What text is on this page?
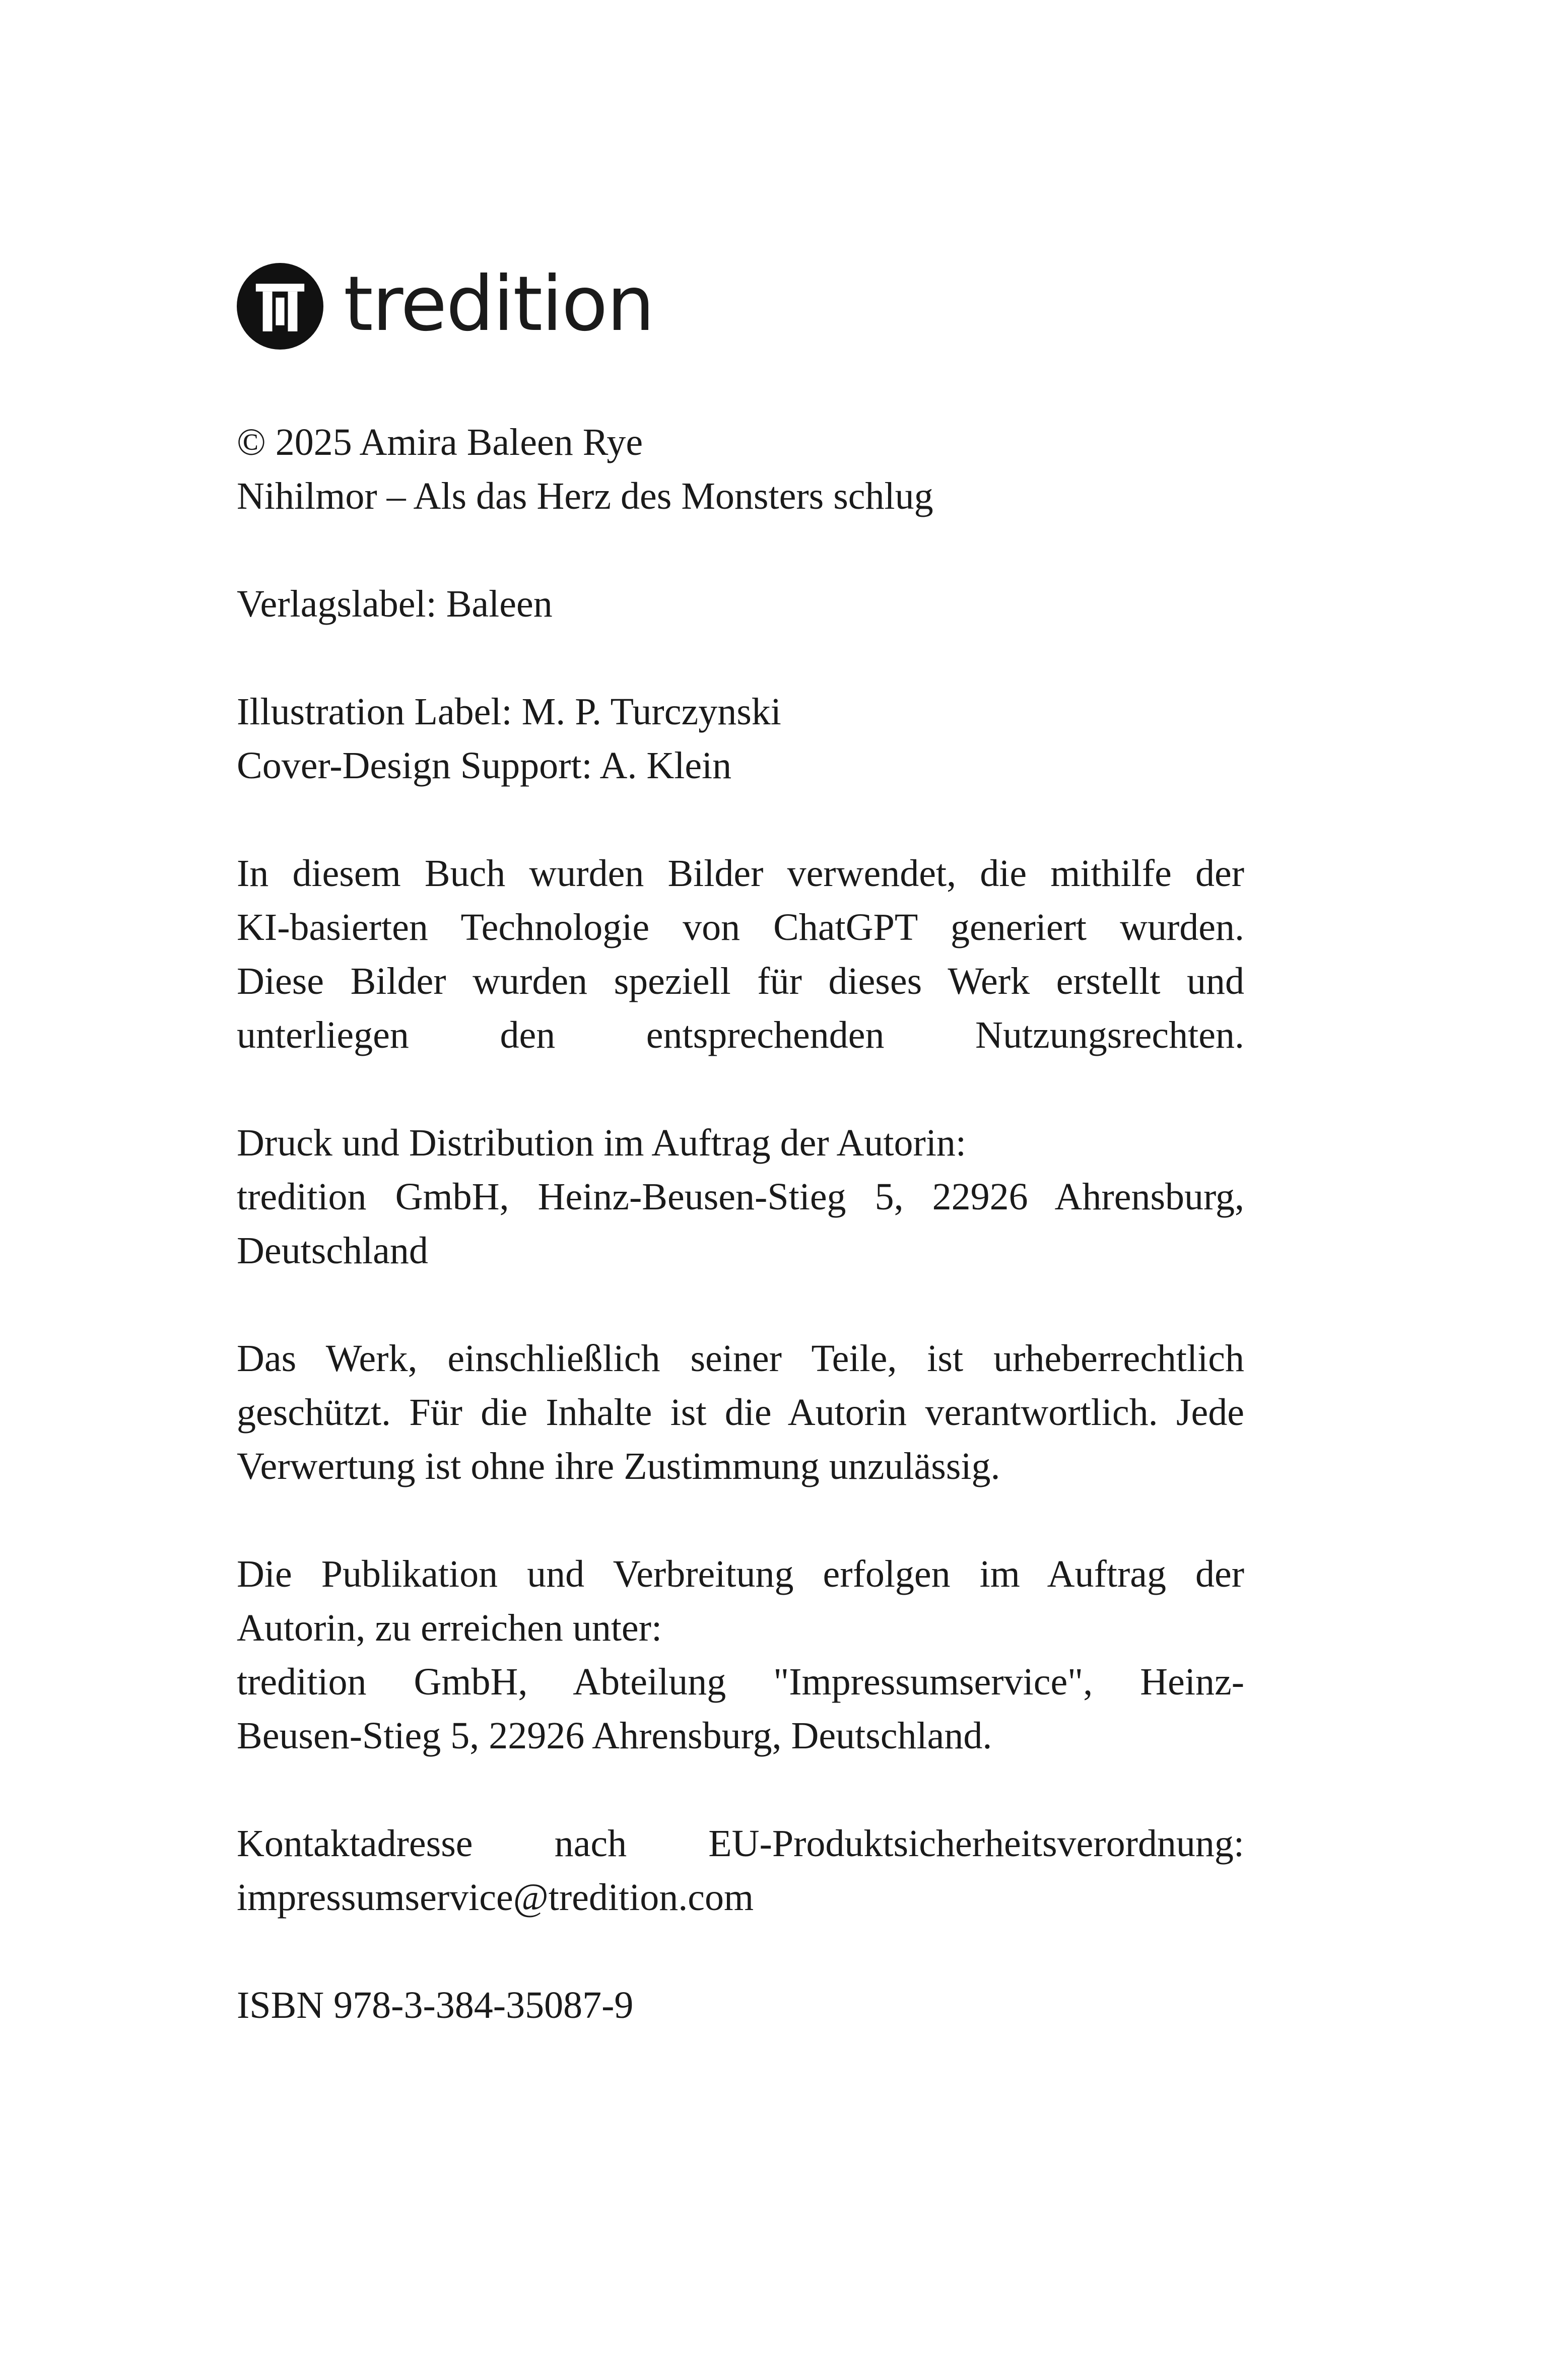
tredition
© 2025 Amira Baleen Rye
Nihilmor – Als das Herz des Monsters schlug
Verlagslabel: Baleen
Illustration Label: M. P. Turczynski
Cover-Design Support: A. Klein
In diesem Buch wurden Bilder verwendet, die mithilfe der
KI-basierten Technologie von ChatGPT generiert wurden.
Diese Bilder wurden speziell für dieses Werk erstellt und
unterliegen den entsprechenden Nutzungsrechten.
Druck und Distribution im Auftrag der Autorin:
tredition GmbH, Heinz-Beusen-Stieg 5, 22926 Ahrensburg,
Deutschland
Das Werk, einschließlich seiner Teile, ist urheberrechtlich
geschützt. Für die Inhalte ist die Autorin verantwortlich. Jede
Verwertung ist ohne ihre Zustimmung unzulässig.
Die Publikation und Verbreitung erfolgen im Auftrag der
Autorin, zu erreichen unter:
tredition GmbH, Abteilung "Impressumservice", Heinz-
Beusen-Stieg 5, 22926 Ahrensburg, Deutschland.
Kontaktadresse nach EU-Produktsicherheitsverordnung:
impressumservice@tredition.com
ISBN 978-3-384-35087-9
